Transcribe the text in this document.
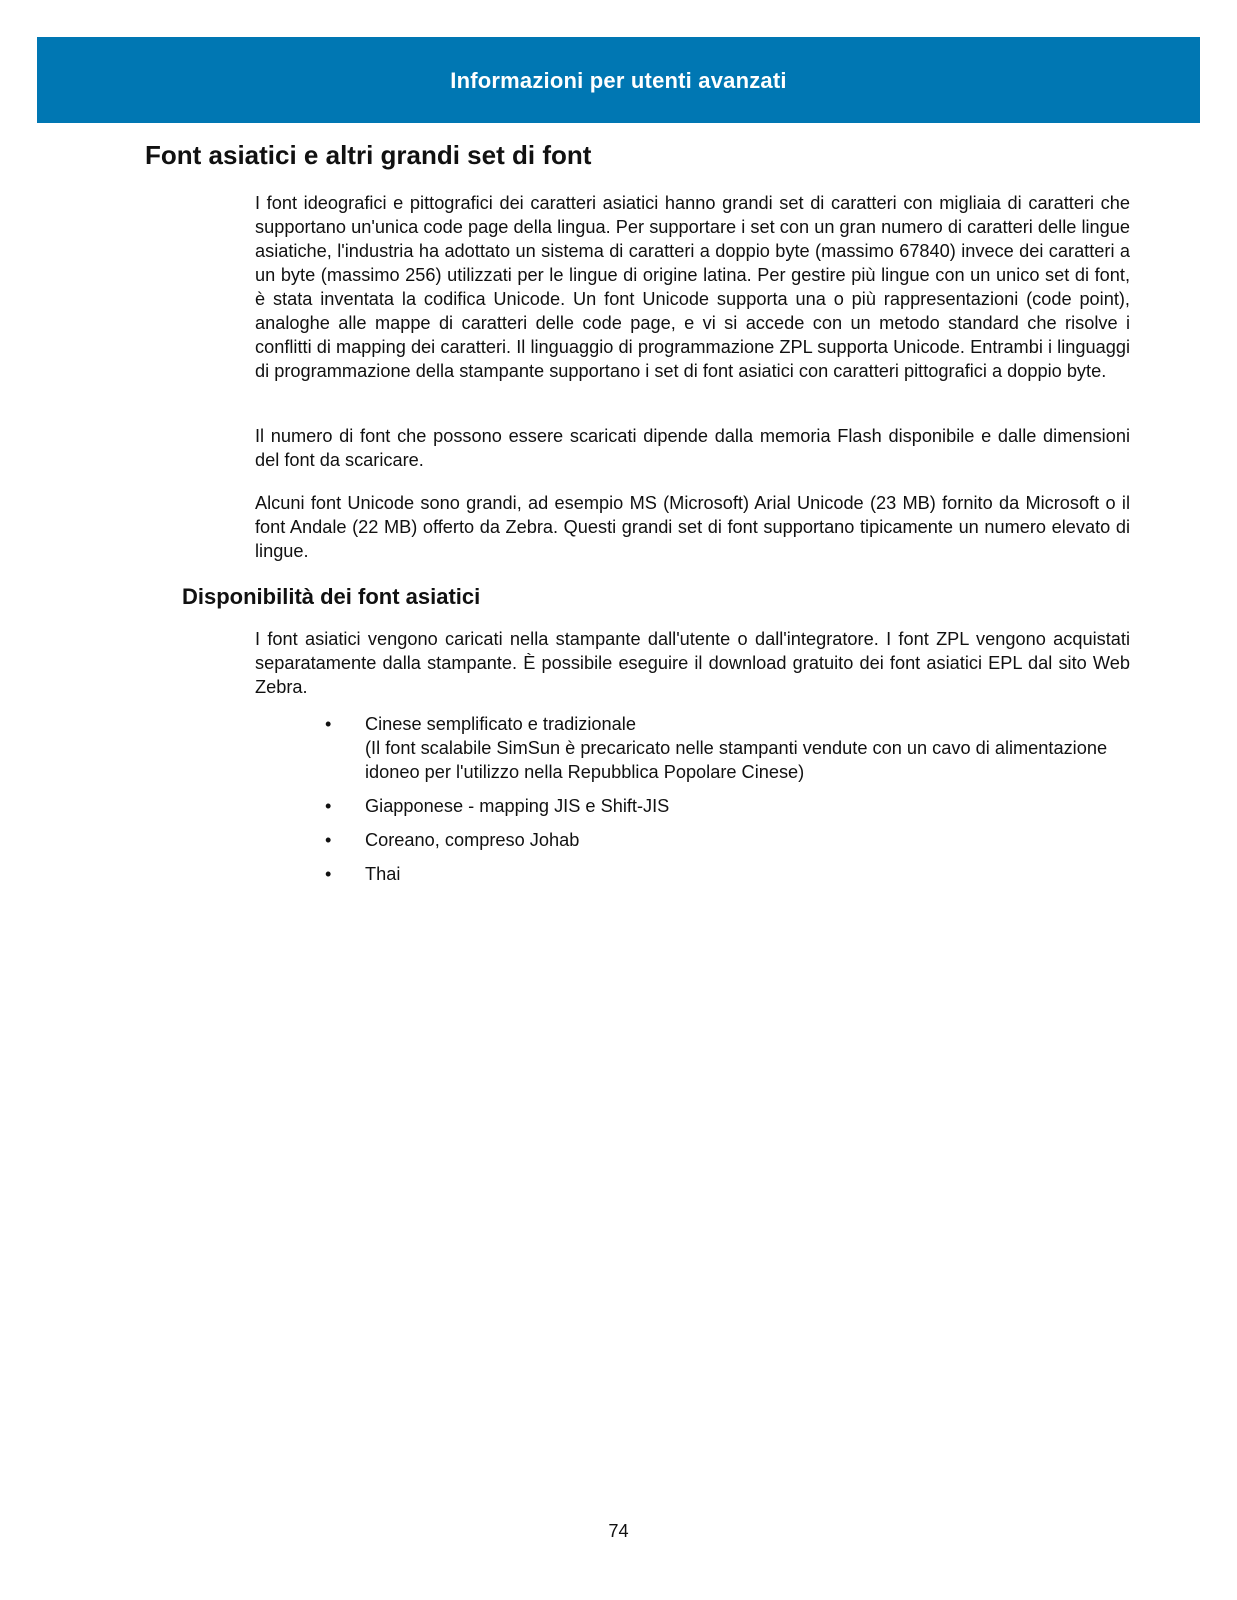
Informazioni per utenti avanzati
Font asiatici e altri grandi set di font

I font ideografici e pittografici dei caratteri asiatici hanno grandi set di caratteri con migliaia di caratteri che supportano un'unica code page della lingua. Per supportare i set con un gran numero di caratteri delle lingue asiatiche, l'industria ha adottato un sistema di caratteri a doppio byte (massimo 67840) invece dei caratteri a un byte (massimo 256) utilizzati per le lingue di origine latina. Per gestire più lingue con un unico set di font, è stata inventata la codifica Unicode. Un font Unicode supporta una o più rappresentazioni (code point), analoghe alle mappe di caratteri delle code page, e vi si accede con un metodo standard che risolve i conflitti di mapping dei caratteri. Il linguaggio di programmazione ZPL supporta Unicode. Entrambi i linguaggi di programmazione della stampante supportano i set di font asiatici con caratteri pittografici a doppio byte.

Il numero di font che possono essere scaricati dipende dalla memoria Flash disponibile e dalle dimensioni del font da scaricare.

Alcuni font Unicode sono grandi, ad esempio MS (Microsoft) Arial Unicode (23 MB) fornito da Microsoft o il font Andale (22 MB) offerto da Zebra. Questi grandi set di font supportano tipicamente un numero elevato di lingue.

Disponibilità dei font asiatici

I font asiatici vengono caricati nella stampante dall'utente o dall'integratore. I font ZPL vengono acquistati separatamente dalla stampante. È possibile eseguire il download gratuito dei font asiatici EPL dal sito Web Zebra.

•	Cinese semplificato e tradizionale
(Il font scalabile SimSun è precaricato nelle stampanti vendute con un cavo di alimentazione idoneo per l'utilizzo nella Repubblica Popolare Cinese)
•	Giapponese - mapping JIS e Shift-JIS
•	Coreano, compreso Johab
•	Thai
74
